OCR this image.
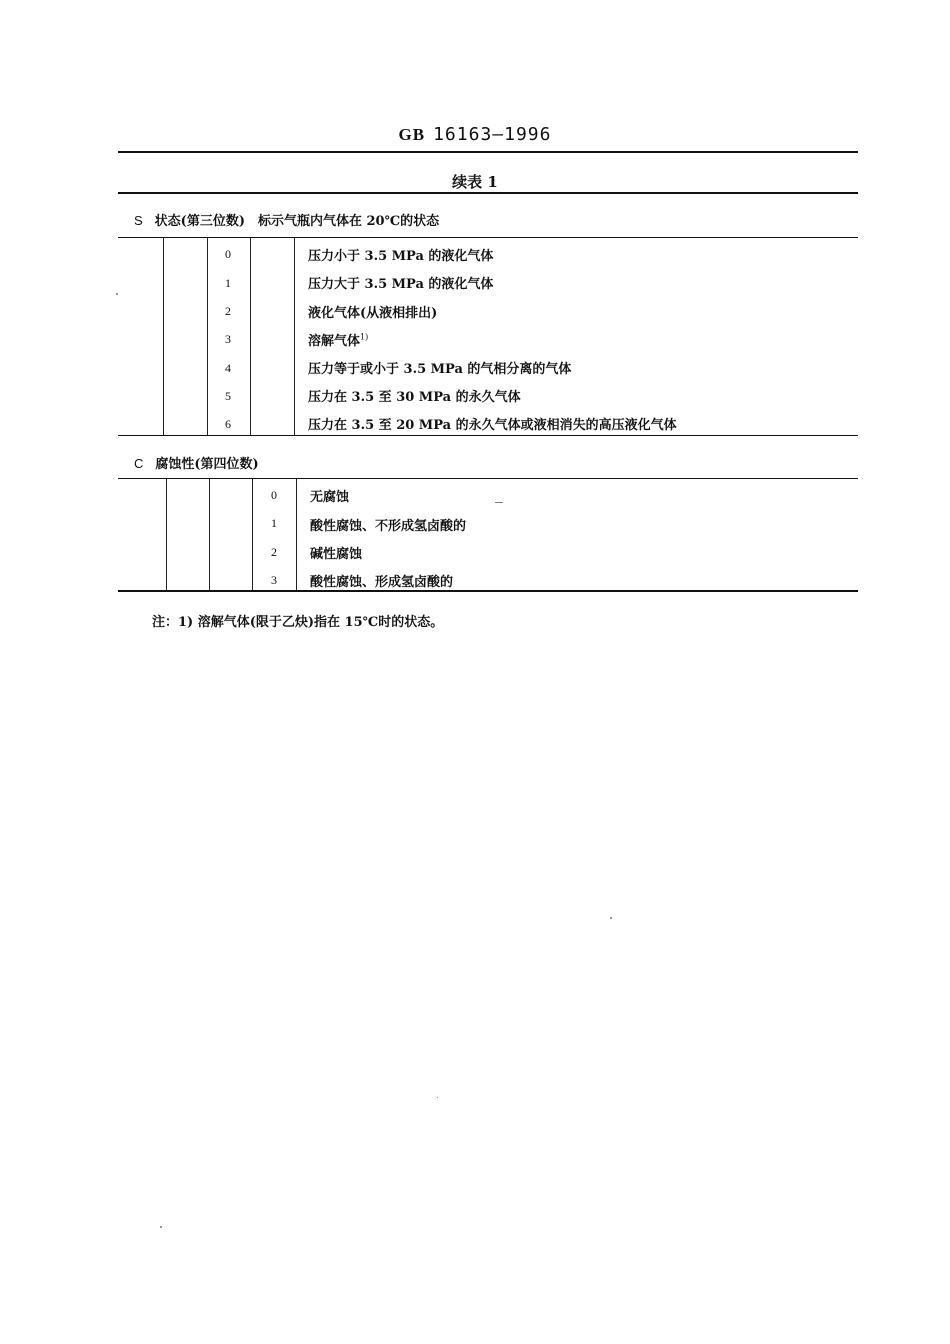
GB 16163—1996
续表 1
S 状态(第三位数)　标示气瓶内气体在 20℃的状态
0	压力小于 3.5 MPa 的液化气体
1	压力大于 3.5 MPa 的液化气体
2	液化气体(从液相排出)
3	溶解气体$^{1)}$
4	压力等于或小于 3.5 MPa 的气相分离的气体
5	压力在 3.5 至 30 MPa 的永久气体
6	压力在 3.5 至 20 MPa 的永久气体或液相消失的高压液化气体
C 腐蚀性(第四位数)
0	无腐蚀
1	酸性腐蚀、不形成氢卤酸的
2	碱性腐蚀
3	酸性腐蚀、形成氢卤酸的
注：1) 溶解气体(限于乙炔)指在 15℃时的状态。
